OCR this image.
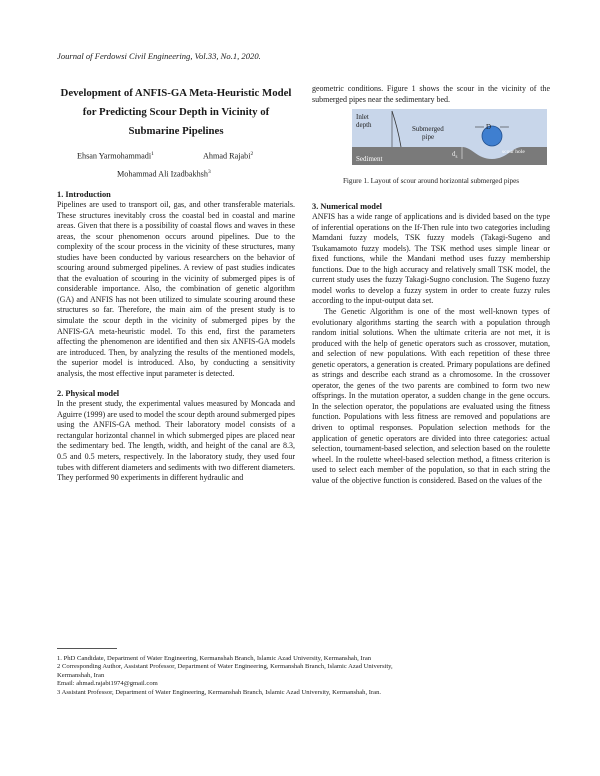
Journal of Ferdowsi Civil Engineering, Vol.33, No.1, 2020.
Development of ANFIS-GA Meta-Heuristic Model for Predicting Scour Depth in Vicinity of Submarine Pipelines
Ehsan Yarmohammadi$^1$	Ahmad Rajabi$^2$
Mohammad Ali Izadbakhsh$^3$
1. Introduction

Pipelines are used to transport oil, gas, and other transferable materials. These structures inevitably cross the coastal bed in coastal and marine areas. Given that there is a possibility of coastal flows and waves in these areas, the scour phenomenon occurs around pipelines. Due to the complexity of the scour process in the vicinity of these structures, many studies have been conducted by various researchers on the behavior of scouring around submerged pipelines. A review of past studies indicates that the evaluation of scouring in the vicinity of submerged pipes is of considerable importance. Also, the combination of genetic algorithm (GA) and ANFIS has not been utilized to simulate scouring around these structures so far. Therefore, the main aim of the present study is to simulate the scour depth in the vicinity of submerged pipes by the ANFIS-GA meta-heuristic model. To this end, first the parameters affecting the phenomenon are identified and then six ANFIS-GA models are introduced. Then, by analyzing the results of the mentioned models, the superior model is introduced. Also, by conducting a sensitivity analysis, the most effective input parameter is detected.

2. Physical model

In the present study, the experimental values measured by Moncada and Aguirre (1999) are used to model the scour depth around submerged pipes using the ANFIS-GA method. Their laboratory model consists of a rectangular horizontal channel in which submerged pipes are placed near the sedimentary bed. The length, width, and height of the canal are 8.3, 0.5 and 0.5 meters, respectively. In the laboratory study, they used four tubes with different diameters and sediments with two different diameters. They performed 90 experiments in different hydraulic and

geometric conditions. Figure 1 shows the scour in the vicinity of the submerged pipes near the sedimentary bed.

Inlet
depth	Submerged
pipe
D
$d_s$
scour hole
Sediment
Figure 1. Layout of scour around horizontal submerged pipes
3. Numerical model

ANFIS has a wide range of applications and is divided based on the type of inferential operations on the If-Then rule into two categories including Mamdani fuzzy models, TSK fuzzy models (Takagi-Sugeno and Tsukamamoto fuzzy models). The TSK method uses simple linear or fixed functions, while the Mandani method uses fuzzy membership functions. Due to the high accuracy and relatively small TSK model, the current study uses the fuzzy Takagi-Sugno conclusion. The Sugeno fuzzy model works to develop a fuzzy system in order to create fuzzy rules according to the input-output data set.

The Genetic Algorithm is one of the most well-known types of evolutionary algorithms starting the search with a population through random initial solutions. When the ultimate criteria are not met, it is produced with the help of genetic operators such as crossover, mutation, and selection of new populations. With each repetition of these three genetic operators, a generation is created. Primary populations are defined as strings and describe each strand as a chromosome. In the crossover operator, the genes of the two parents are combined to form two new offsprings. In the mutation operator, a sudden change in the gene occurs. In the selection operator, the populations are evaluated using the fitness function. Populations with less fitness are removed and populations are driven to optimal responses. Population selection methods for the application of genetic operators are divided into three categories: actual selection, tournament-based selection, and selection based on the roulette wheel. In the roulette wheel-based selection method, a fitness criterion is used to select each member of the population, so that in each string the value of the objective function is considered. Based on the values of the

1. PhD Candidate, Department of Water Engineering, Kermanshah Branch, Islamic Azad University, Kermanshah, Iran
2 Corresponding Author, Assistant Professor, Department of Water Engineering, Kermanshah Branch, Islamic Azad University,
Kermanshah, Iran
Email: ahmad.rajabi1974@gmail.com
3 Assistant Professor, Department of Water Engineering, Kermanshah Branch, Islamic Azad University, Kermanshah, Iran.
